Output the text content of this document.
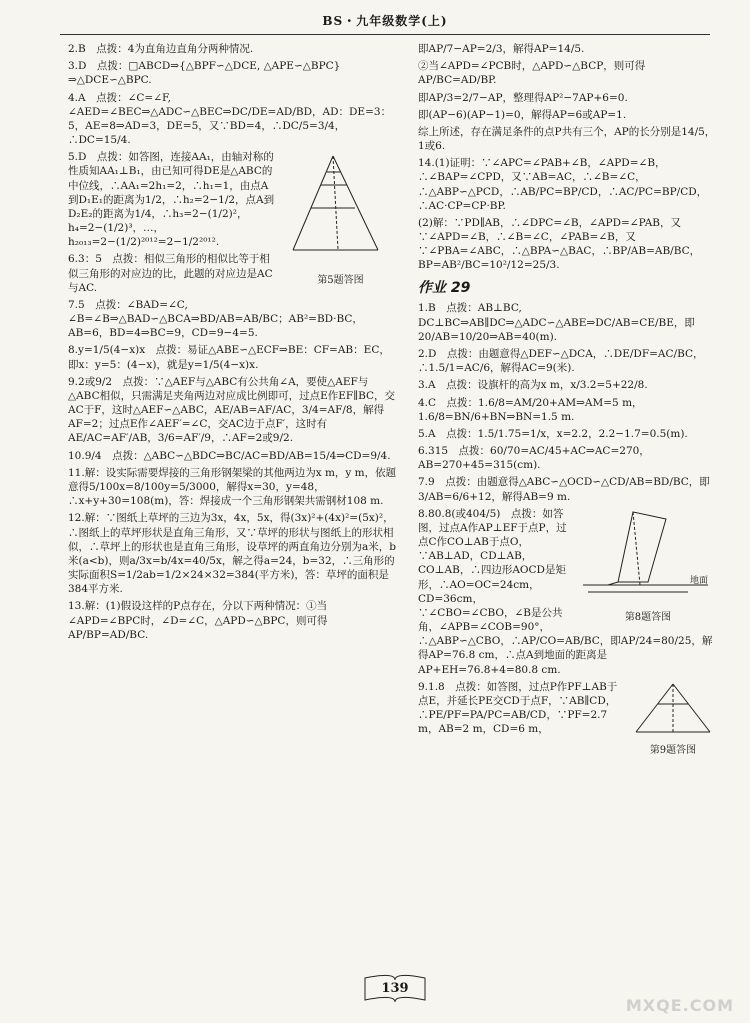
BS・九年级数学(上)
2.B　点拨：4为直角边直角分两种情况.
3.D　点拨：□ABCD⇒{△BPF∽△DCE, △APE∽△BPC}⇒△DCE∽△BPC.
4.A　点拨：∠C=∠F, ∠AED=∠BEC⇒△ADC∽△BEC⇒DC/DE=AD/BD，AD：DE=3：5，AE=8⇒AD=3，DE=5，又∵BD=4，∴DC/5=3/4，∴DC=15/4.
第5题答图
5.D　点拨：如答图，连接AA₁，由轴对称的性质知AA₁⊥B₁，由已知可得DE是△ABC的中位线，∴AA₁=2h₁=2，∴h₁=1，由点A到D₁E₁的距离为1/2，∴h₂=2−1/2，点A到D₂E₂的距离为1/4，∴h₃=2−(1/2)²，h₄=2−(1/2)³，…，h₂₀₁₃=2−(1/2)²⁰¹²=2−1/2²⁰¹².
6.3：5　点拨：相似三角形的相似比等于相似三角形的对应边的比，此题的对应边是AC与AC.
7.5　点拨：∠BAD=∠C, ∠B=∠B⇒△BAD∽△BCA⇒BD/AB=AB/BC；AB²=BD·BC，AB=6，BD=4⇒BC=9，CD=9−4=5.
8.y=1/5(4−x)x　点拨：易证△ABE∽△ECF⇒BE：CF=AB：EC，即x：y=5：(4−x)，就是y=1/5(4−x)x.
9.2或9/2　点拨：∵△AEF与△ABC有公共角∠A，要使△AEF与△ABC相似，只需满足夹角两边对应成比例即可，过点E作EF∥BC，交AC于F，这时△AEF∽△ABC，AE/AB=AF/AC，3/4=AF/8，解得AF=2；过点E作∠AEF′=∠C，交AC边于点F′，这时有AE/AC=AF′/AB，3/6=AF′/9，∴AF=2或9/2.
10.9/4　点拨：△ABC∽△BDC⇒BC/AC=BD/AB=15/4⇒CD=9/4.
11.解：设实际需要焊接的三角形钢架梁的其他两边为x m，y m，依题意得5/100x=8/100y=5/3000，解得x=30，y=48，∴x+y+30=108(m)，答：焊接成一个三角形钢架共需钢材108 m.
12.解：∵图纸上草坪的三边为3x，4x，5x，得(3x)²+(4x)²=(5x)²，∴图纸上的草坪形状是直角三角形，又∵草坪的形状与图纸上的形状相似，∴草坪上的形状也是直角三角形，设草坪的两直角边分别为a米，b米(a<b)，则a/3x=b/4x=40/5x，解之得a=24，b=32，∴三角形的实际面积S=1/2ab=1/2×24×32=384(平方米)，答：草坪的面积是384平方米.
13.解：(1)假设这样的P点存在，分以下两种情况：①当∠APD=∠BPC时，∠D=∠C，△APD∽△BPC，则可得AP/BP=AD/BC.
即AP/7−AP=2/3，解得AP=14/5.
②当∠APD=∠PCB时，△APD∽△BCP，则可得AP/BC=AD/BP.
即AP/3=2/7−AP，整理得AP²−7AP+6=0.
即(AP−6)(AP−1)=0，解得AP=6或AP=1.
综上所述，存在满足条件的点P共有三个，AP的长分别是14/5，1或6.
14.(1)证明：∵∠APC=∠PAB+∠B，∠APD=∠B，∴∠BAP=∠CPD，又∵AB=AC，∴∠B=∠C，∴△ABP∽△PCD，∴AB/PC=BP/CD，∴AC/PC=BP/CD，∴AC·CP=CP·BP.
(2)解：∵PD∥AB，∴∠DPC=∠B，∠APD=∠PAB，又∵∠APD=∠B，∴∠B=∠C，∠PAB=∠B，又∵∠PBA=∠ABC，∴△BPA∽△BAC，∴BP/AB=AB/BC，BP=AB²/BC=10²/12=25/3.
作业 29
1.B　点拨：AB⊥BC, DC⊥BC⇒AB∥DC⇒△ADC∽△ABE⇒DC/AB=CE/BE，即20/AB=10/20⇒AB=40(m).
2.D　点拨：由题意得△DEF∽△DCA，∴DE/DF=AC/BC，∴1.5/1=AC/6，解得AC=9(米).
3.A　点拨：设旗杆的高为x m，x/3.2=5+22/8.
4.C　点拨：1.6/8=AM/20+AM⇒AM=5 m，1.6/8=BN/6+BN⇒BN=1.5 m.
5.A　点拨：1.5/1.75=1/x，x=2.2，2.2−1.7=0.5(m).
6.315　点拨：60/70=AC/45+AC⇒AC=270，AB=270+45=315(cm).
7.9　点拨：由题意得△ABC∽△OCD∽△CD/AB=BD/BC，即3/AB=6/6+12，解得AB=9 m.
地面
第8题答图
8.80.8(或404/5)　点拨：如答图，过点A作AP⊥EF于点P，过点C作CO⊥AB于点O，∵AB⊥AD，CD⊥AB，CO⊥AB，∴四边形AOCD是矩形，∴AO=OC=24cm，CD=36cm，∵∠CBO=∠CBO，∠B是公共角，∠APB=∠COB=90°，∴△ABP∽△CBO，∴AP/CO=AB/BC，即AP/24=80/25，解得AP=76.8 cm，∴点A到地面的距离是AP+EH=76.8+4=80.8 cm.
第9题答图
9.1.8　点拨：如答图，过点P作PF⊥AB于点E，并延长PE交CD于点F，∵AB∥CD，∴PE/PF=PA/PC=AB/CD，∵PF=2.7 m，AB=2 m，CD=6 m，
139
MXQE.COM
